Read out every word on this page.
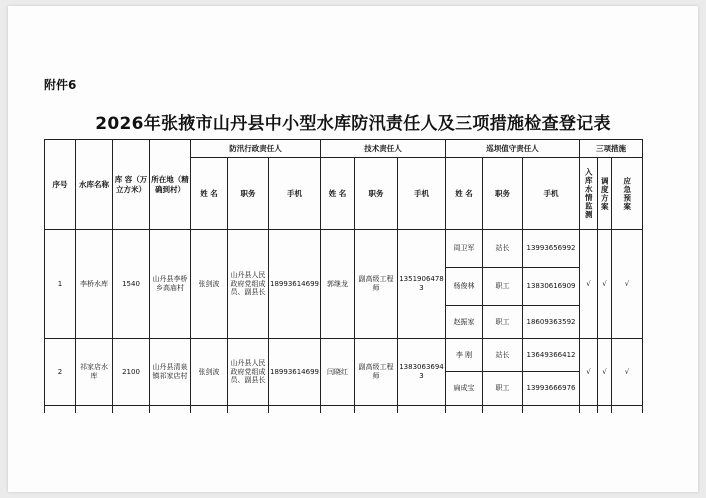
附件6
2026年张掖市山丹县中小型水库防汛责任人及三项措施检查登记表
序号	水库名称	库 容（万立方米）	所在地（精确到村）	防汛行政责任人			技术责任人			巡坝值守责任人			三项措施		
				姓 名	职务	手机	姓 名	职务	手机	姓 名	职务	手机	入库水情监测	调度方案	应急预案

1	李桥水库	1540	山丹县李桥乡高庙村	张剑波	山丹县人民政府党组成员、副县长	18993614699	郭继龙	副高级工程师	13519064783	周卫军	站长	13993656992	√	√	√
										杨俊林	职工	13830616909			
										赵振家	职工	18609363592			
2	祁家店水库	2100	山丹县清泉镇祁家店村	张剑波	山丹县人民政府党组成员、副县长	18993614699	闫晓红	副高级工程师	13830636943	李 刚	站长	13649366412	√	√	√
										扁成宝	职工	13993666976			
